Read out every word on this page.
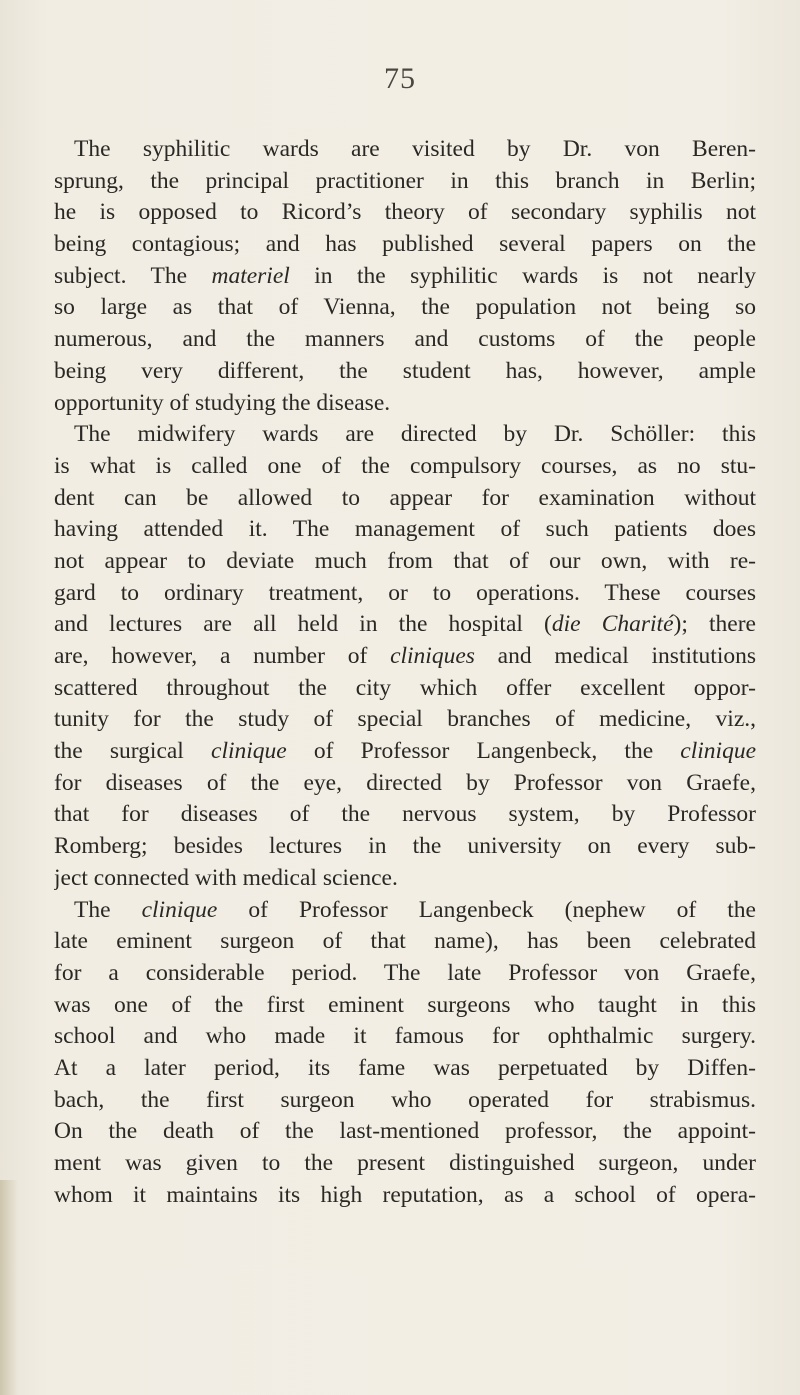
75
The syphilitic wards are visited by Dr. von Beren-
sprung, the principal practitioner in this branch in Berlin;
he is opposed to Ricord’s theory of secondary syphilis not
being contagious; and has published several papers on the
subject. The materiel in the syphilitic wards is not nearly
so large as that of Vienna, the population not being so
numerous, and the manners and customs of the people
being very different, the student has, however, ample
opportunity of studying the disease.
The midwifery wards are directed by Dr. Schöller: this
is what is called one of the compulsory courses, as no stu-
dent can be allowed to appear for examination without
having attended it. The management of such patients does
not appear to deviate much from that of our own, with re-
gard to ordinary treatment, or to operations. These courses
and lectures are all held in the hospital (die Charité); there
are, however, a number of cliniques and medical institutions
scattered throughout the city which offer excellent oppor-
tunity for the study of special branches of medicine, viz.,
the surgical clinique of Professor Langenbeck, the clinique
for diseases of the eye, directed by Professor von Graefe,
that for diseases of the nervous system, by Professor
Romberg; besides lectures in the university on every sub-
ject connected with medical science.
The clinique of Professor Langenbeck (nephew of the
late eminent surgeon of that name), has been celebrated
for a considerable period. The late Professor von Graefe,
was one of the first eminent surgeons who taught in this
school and who made it famous for ophthalmic surgery.
At a later period, its fame was perpetuated by Diffen-
bach, the first surgeon who operated for strabismus.
On the death of the last-mentioned professor, the appoint-
ment was given to the present distinguished surgeon, under
whom it maintains its high reputation, as a school of opera-
